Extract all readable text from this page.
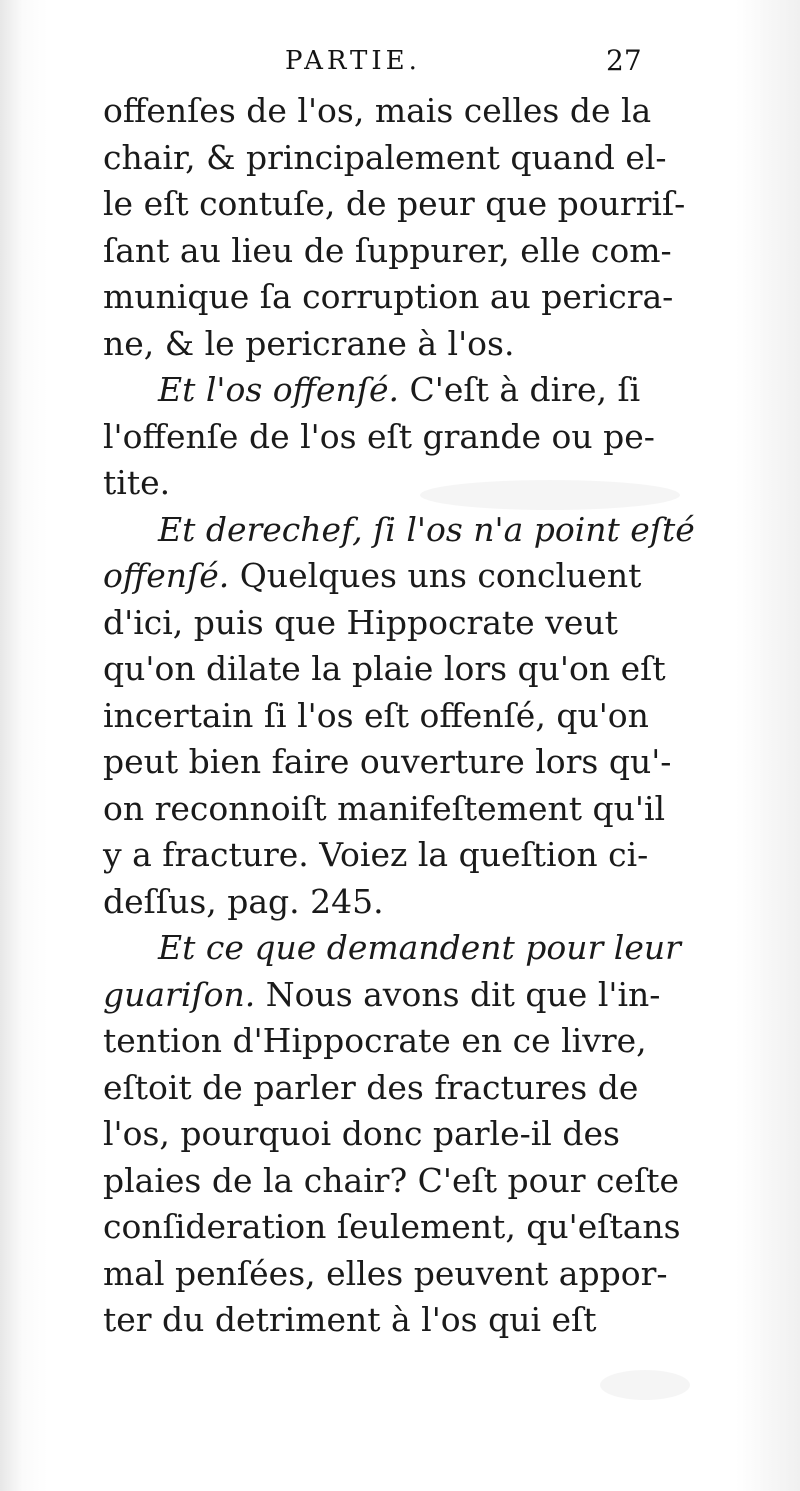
PARTIE.	27
offenſes de l'os, mais celles de la
chair, & principalement quand el-
le eſt contuſe, de peur que pourriſ-
ſant au lieu de ſuppurer, elle com-
munique ſa corruption au pericra-
ne, & le pericrane à l'os.
Et l'os offenſé. C'eſt à dire, ſi
l'offenſe de l'os eſt grande ou pe-
tite.
Et derechef, ſi l'os n'a point eſté
offenſé. Quelques uns concluent
d'ici, puis que Hippocrate veut
qu'on dilate la plaie lors qu'on eſt
incertain ſi l'os eſt offenſé, qu'on
peut bien faire ouverture lors qu'-
on reconnoiſt manifeſtement qu'il
y a fracture. Voiez la queſtion ci-
deſſus, pag. 245.
Et ce que demandent pour leur
guariſon. Nous avons dit que l'in-
tention d'Hippocrate en ce livre,
eſtoit de parler des fractures de
l'os, pourquoi donc parle-il des
plaies de la chair? C'eſt pour ceſte
conſideration ſeulement, qu'eſtans
mal penſées, elles peuvent appor-
ter du detriment à l'os qui eſt
